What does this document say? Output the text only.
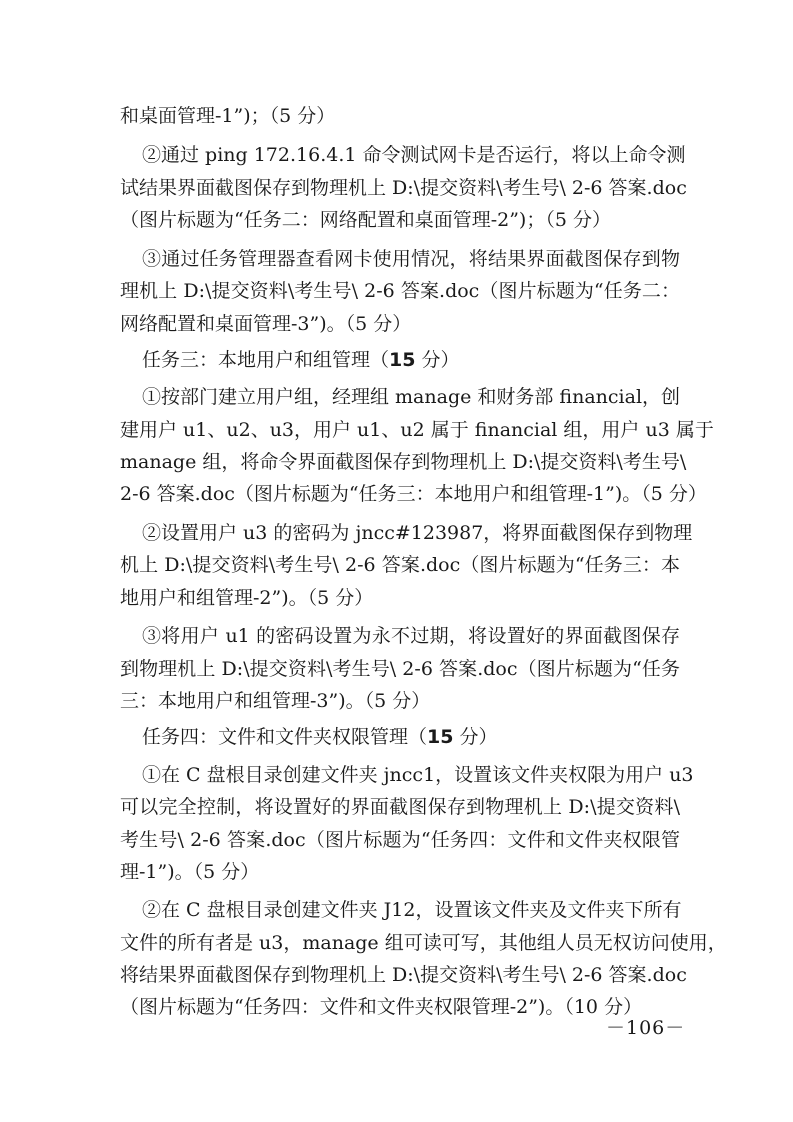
和桌面管理-1”)；（5 分）
②通过 ping 172.16.4.1 命令测试网卡是否运行，将以上命令测
试结果界面截图保存到物理机上 D:\提交资料\考生号\ 2-6 答案.doc
（图片标题为“任务二：网络配置和桌面管理-2”)；（5 分）
③通过任务管理器查看网卡使用情况，将结果界面截图保存到物
理机上 D:\提交资料\考生号\ 2-6 答案.doc（图片标题为“任务二：
网络配置和桌面管理-3”)。（5 分）
任务三：本地用户和组管理（15 分）
①按部门建立用户组，经理组 manage 和财务部 financial，创
建用户 u1、u2、u3，用户 u1、u2 属于 financial 组，用户 u3 属于
manage 组，将命令界面截图保存到物理机上 D:\提交资料\考生号\
2-6 答案.doc（图片标题为“任务三：本地用户和组管理-1”)。（5 分）
②设置用户 u3 的密码为 jncc#123987，将界面截图保存到物理
机上 D:\提交资料\考生号\ 2-6 答案.doc（图片标题为“任务三：本
地用户和组管理-2”)。（5 分）
③将用户 u1 的密码设置为永不过期，将设置好的界面截图保存
到物理机上 D:\提交资料\考生号\ 2-6 答案.doc（图片标题为“任务
三：本地用户和组管理-3”)。（5 分）
任务四：文件和文件夹权限管理（15 分）
①在 C 盘根目录创建文件夹 jncc1，设置该文件夹权限为用户 u3
可以完全控制，将设置好的界面截图保存到物理机上 D:\提交资料\
考生号\ 2-6 答案.doc（图片标题为“任务四：文件和文件夹权限管
理-1”)。（5 分）
②在 C 盘根目录创建文件夹 J12，设置该文件夹及文件夹下所有
文件的所有者是 u3，manage 组可读可写，其他组人员无权访问使用，
将结果界面截图保存到物理机上 D:\提交资料\考生号\ 2-6 答案.doc
（图片标题为“任务四：文件和文件夹权限管理-2”)。（10 分）
－106－
